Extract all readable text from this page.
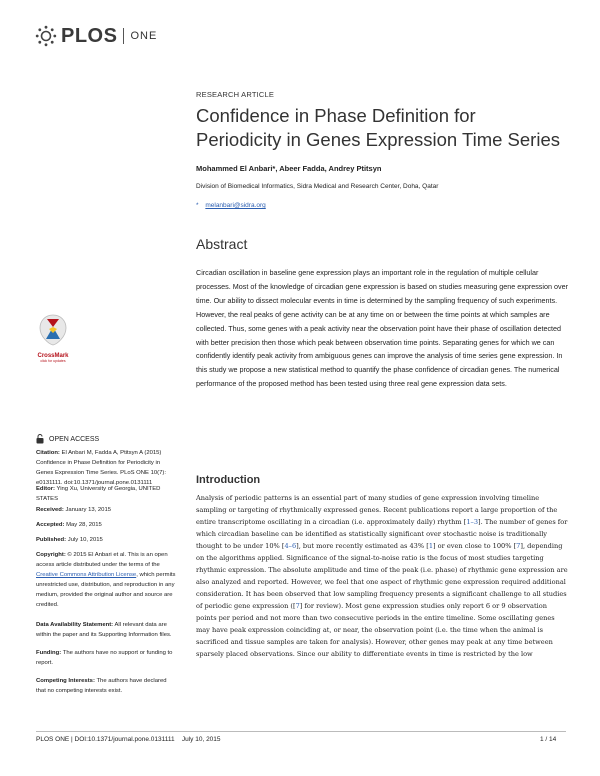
PLOS ONE
RESEARCH ARTICLE
Confidence in Phase Definition for Periodicity in Genes Expression Time Series
Mohammed El Anbari*, Abeer Fadda, Andrey Ptitsyn
Division of Biomedical Informatics, Sidra Medical and Research Center, Doha, Qatar
* melanbari@sidra.org
Abstract
Circadian oscillation in baseline gene expression plays an important role in the regulation of multiple cellular processes. Most of the knowledge of circadian gene expression is based on studies measuring gene expression over time. Our ability to dissect molecular events in time is determined by the sampling frequency of such experiments. However, the real peaks of gene activity can be at any time on or between the time points at which samples are collected. Thus, some genes with a peak activity near the observation point have their phase of oscillation detected with better precision then those which peak between observation time points. Separating genes for which we can confidently identify peak activity from ambiguous genes can improve the analysis of time series gene expression. In this study we propose a new statistical method to quantify the phase confidence of circadian genes. The numerical performance of the proposed method has been tested using three real gene expression data sets.
CrossMark
click for updates
OPEN ACCESS
Citation: El Anbari M, Fadda A, Ptitsyn A (2015) Confidence in Phase Definition for Periodicity in Genes Expression Time Series. PLoS ONE 10(7): e0131111. doi:10.1371/journal.pone.0131111
Editor: Ying Xu, University of Georgia, UNITED STATES
Received: January 13, 2015
Accepted: May 28, 2015
Published: July 10, 2015
Copyright: © 2015 El Anbari et al. This is an open access article distributed under the terms of the Creative Commons Attribution License, which permits unrestricted use, distribution, and reproduction in any medium, provided the original author and source are credited.
Data Availability Statement: All relevant data are within the paper and its Supporting Information files.
Funding: The authors have no support or funding to report.
Competing Interests: The authors have declared that no competing interests exist.
Introduction
Analysis of periodic patterns is an essential part of many studies of gene expression involving timeline sampling or targeting of rhythmically expressed genes. Recent publications report a large proportion of the entire transcriptome oscillating in a circadian (i.e. approximately daily) rhythm [1–3]. The number of genes for which circadian baseline can be identified as statistically significant over stochastic noise is traditionally thought to be under 10% [4–6], but more recently estimated as 43% [1] or even close to 100% [7], depending on the algorithms applied. Significance of the signal-to-noise ratio is the focus of most studies targeting rhythmic expression. The absolute amplitude and time of the peak (i.e. phase) of rhythmic gene expression are also analyzed and reported. However, we feel that one aspect of rhythmic gene expression required additional consideration. It has been observed that low sampling frequency presents a significant challenge to all studies of periodic gene expression ([7] for review). Most gene expression studies only report 6 or 9 observation points per period and not more than two consecutive periods in the entire timeline. Some oscillating genes may have peak expression coinciding at, or near, the observation point (i.e. the time when the animal is sacrificed and tissue samples are taken for analysis). However, other genes may peak at any time between sparsely placed observations. Since our ability to differentiate events in time is restricted by the low
PLOS ONE | DOI:10.1371/journal.pone.0131111    July 10, 2015	1 / 14
